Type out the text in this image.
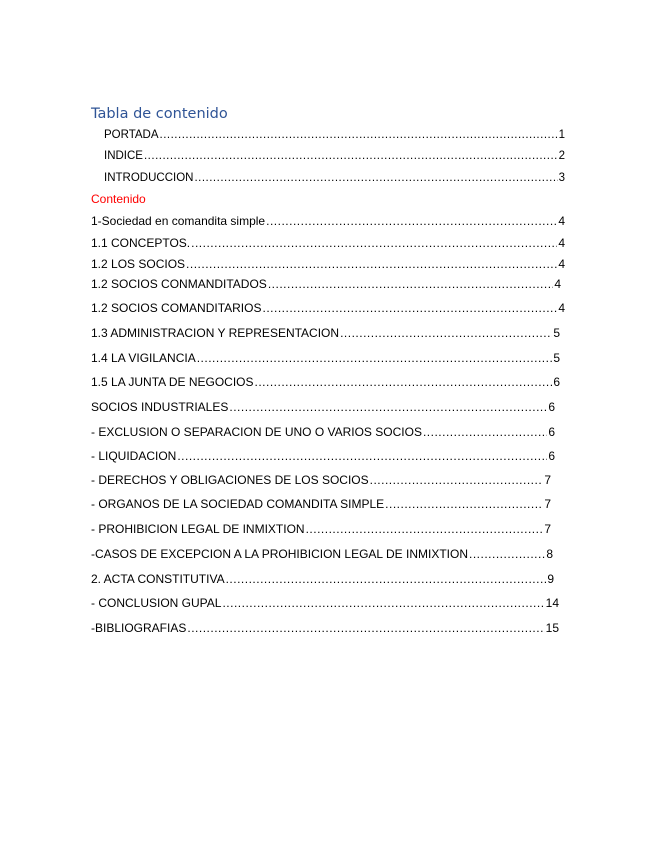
Tabla de contenido
PORTADA .....	1
INDICE .....	2
INTRODUCCION .....	3
Contenido
1-Sociedad en comandita simple .....	4
1.1 CONCEPTOS. .....	4
1.2 LOS SOCIOS .....	4
1.2 SOCIOS CONMANDITADOS .....	4
1.2 SOCIOS COMANDITARIOS .....	4
1.3 ADMINISTRACION Y REPRESENTACION .....	5
1.4 LA VIGILANCIA .....	5
1.5 LA JUNTA DE NEGOCIOS .....	6
SOCIOS INDUSTRIALES .....	6
- EXCLUSION O SEPARACION DE UNO O VARIOS SOCIOS .....	6
- LIQUIDACION .....	6
- DERECHOS Y OBLIGACIONES DE LOS SOCIOS .....	7
- ORGANOS DE LA SOCIEDAD COMANDITA SIMPLE .....	7
- PROHIBICION LEGAL DE INMIXTION .....	7
-CASOS DE EXCEPCION A LA PROHIBICION LEGAL DE INMIXTION .....	8
2. ACTA CONSTITUTIVA .....	9
- CONCLUSION GUPAL .....	14
-BIBLIOGRAFIAS .....	15
